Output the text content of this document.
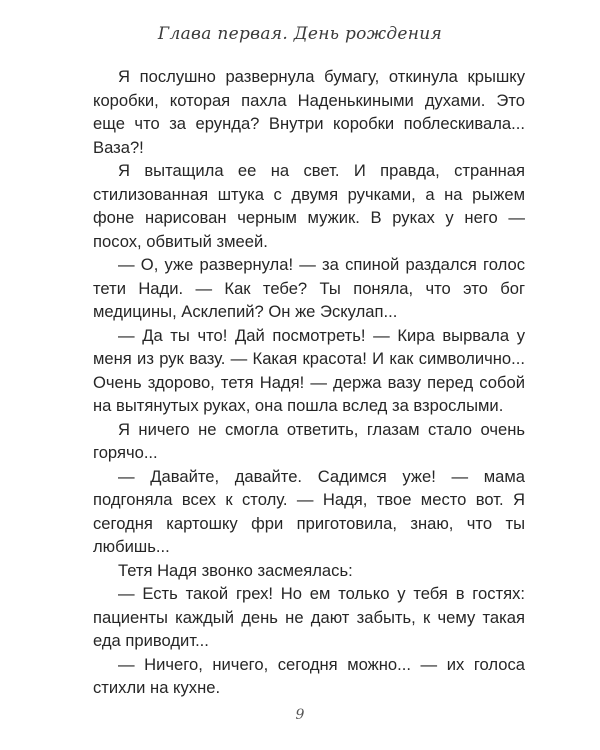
Глава первая. День рождения

Я послушно развернула бумагу, откинула крышку коробки, которая пахла Наденькиными духами. Это еще что за ерунда? Внутри коробки поблескивала... Ваза?!

Я вытащила ее на свет. И правда, странная стилизованная штука с двумя ручками, а на рыжем фоне нарисован черным мужик. В руках у него — посох, обвитый змеей.

— О, уже развернула! — за спиной раздался голос тети Нади. — Как тебе? Ты поняла, что это бог медицины, Асклепий? Он же Эскулап...

— Да ты что! Дай посмотреть! — Кира вырвала у меня из рук вазу. — Какая красота! И как символично... Очень здорово, тетя Надя! — держа вазу перед собой на вытянутых руках, она пошла вслед за взрослыми.

Я ничего не смогла ответить, глазам стало очень горячо...

— Давайте, давайте. Садимся уже! — мама подгоняла всех к столу. — Надя, твое место вот. Я сегодня картошку фри приготовила, знаю, что ты любишь...

Тетя Надя звонко засмеялась:

— Есть такой грех! Но ем только у тебя в гостях: пациенты каждый день не дают забыть, к чему такая еда приводит...

— Ничего, ничего, сегодня можно... — их голоса стихли на кухне.

9
